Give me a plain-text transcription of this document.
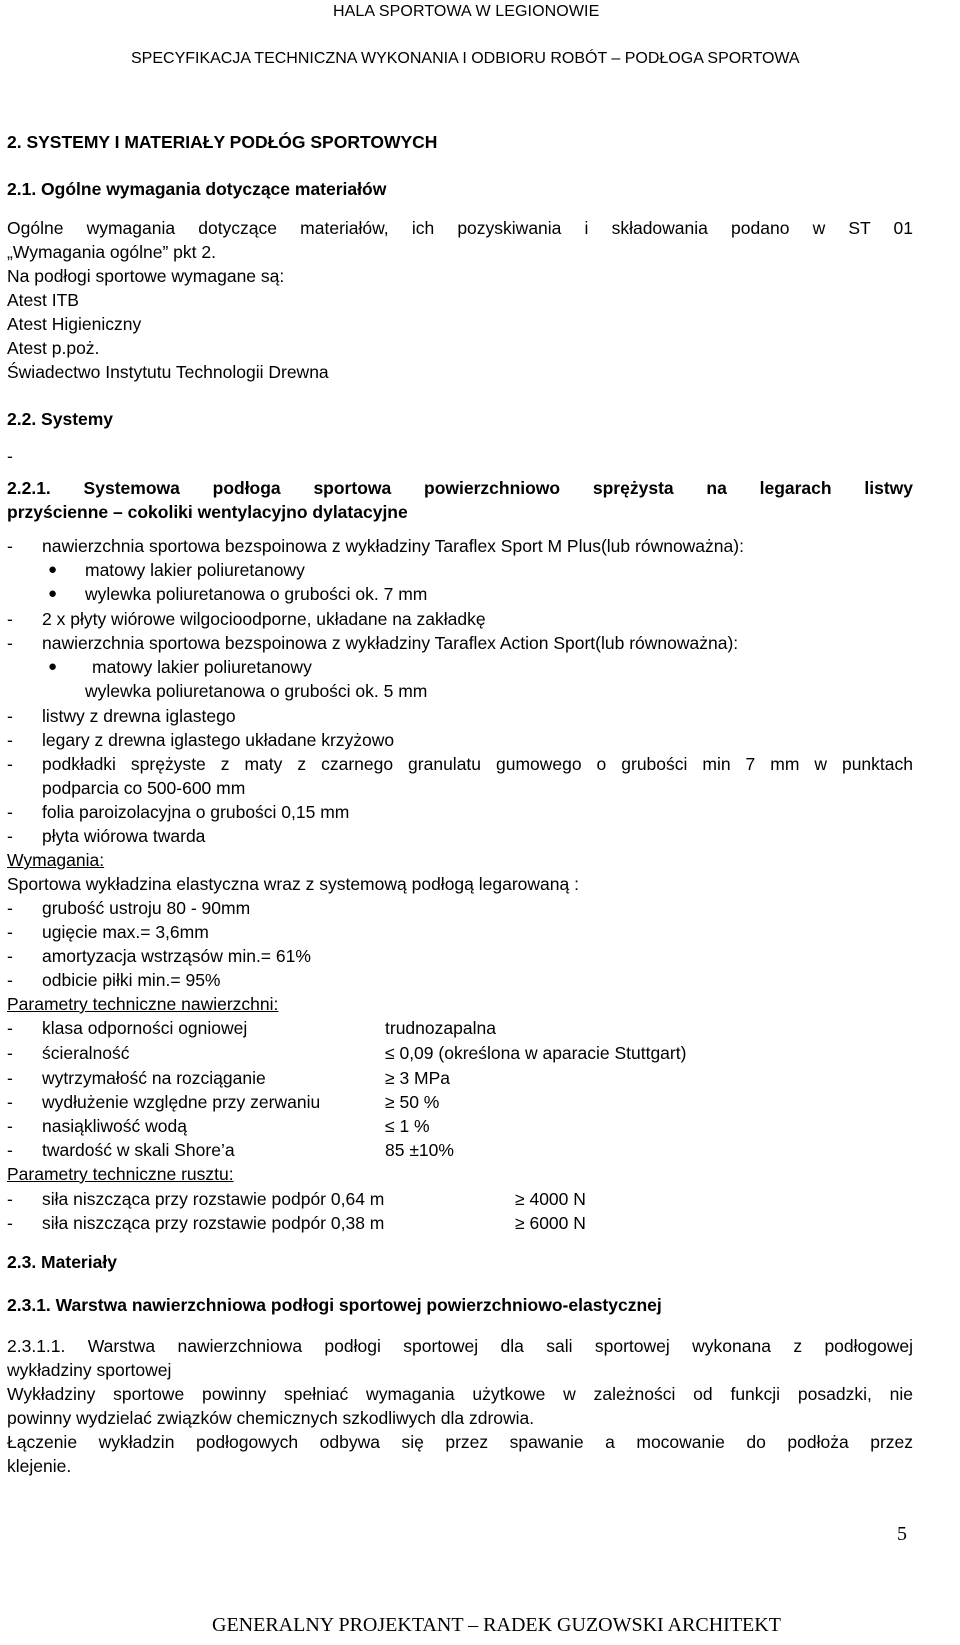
HALA SPORTOWA W LEGIONOWIE
SPECYFIKACJA TECHNICZNA WYKONANIA I ODBIORU ROBÓT – PODŁOGA SPORTOWA
2. SYSTEMY I MATERIAŁY PODŁÓG SPORTOWYCH
2.1. Ogólne wymagania dotyczące materiałów
Ogólne wymagania dotyczące materiałów, ich pozyskiwania i składowania podano w ST 01
„Wymagania ogólne” pkt 2.
Na podłogi sportowe wymagane są:
Atest ITB
Atest Higieniczny
Atest p.poż.
Świadectwo Instytutu Technologii Drewna
2.2. Systemy
-
2.2.1. Systemowa podłoga sportowa powierzchniowo sprężysta na legarach listwy
przyścienne – cokoliki wentylacyjno dylatacyjne
- nawierzchnia sportowa bezspoinowa z wykładziny Taraflex Sport M Plus(lub równoważna):
● matowy lakier poliuretanowy
● wylewka poliuretanowa o grubości ok. 7 mm
- 2 x płyty wiórowe wilgocioodporne, układane na zakładkę
- nawierzchnia sportowa bezspoinowa z wykładziny Taraflex Action Sport(lub równoważna):
● matowy lakier poliuretanowy
wylewka poliuretanowa o grubości ok. 5 mm
- listwy z drewna iglastego
- legary z drewna iglastego układane krzyżowo
- podkładki sprężyste z maty z czarnego granulatu gumowego o grubości min 7 mm w punktach
podparcia co 500-600 mm
- folia paroizolacyjna o grubości 0,15 mm
- płyta wiórowa twarda
Wymagania:
Sportowa wykładzina elastyczna wraz z systemową podłogą legarowaną :
- grubość ustroju 80 - 90mm
- ugięcie max.= 3,6mm
- amortyzacja wstrząsów min.= 61%
- odbicie piłki min.= 95%
Parametry techniczne nawierzchni:
- klasa odporności ogniowej	trudnozapalna
- ścieralność	≤ 0,09 (określona w aparacie Stuttgart)
- wytrzymałość na rozciąganie	≥ 3 MPa
- wydłużenie względne przy zerwaniu	≥ 50 %
- nasiąkliwość wodą	≤ 1 %
- twardość w skali Shore’a	85 ±10%
Parametry techniczne rusztu:
- siła niszcząca przy rozstawie podpór 0,64 m	≥ 4000 N
- siła niszcząca przy rozstawie podpór 0,38 m	≥ 6000 N
2.3. Materiały
2.3.1. Warstwa nawierzchniowa podłogi sportowej powierzchniowo-elastycznej
2.3.1.1. Warstwa nawierzchniowa podłogi sportowej dla sali sportowej wykonana z podłogowej
wykładziny sportowej
Wykładziny sportowe powinny spełniać wymagania użytkowe w zależności od funkcji posadzki, nie
powinny wydzielać związków chemicznych szkodliwych dla zdrowia.
Łączenie wykładzin podłogowych odbywa się przez spawanie a mocowanie do podłoża przez
klejenie.
5
GENERALNY PROJEKTANT – RADEK GUZOWSKI ARCHITEKT
